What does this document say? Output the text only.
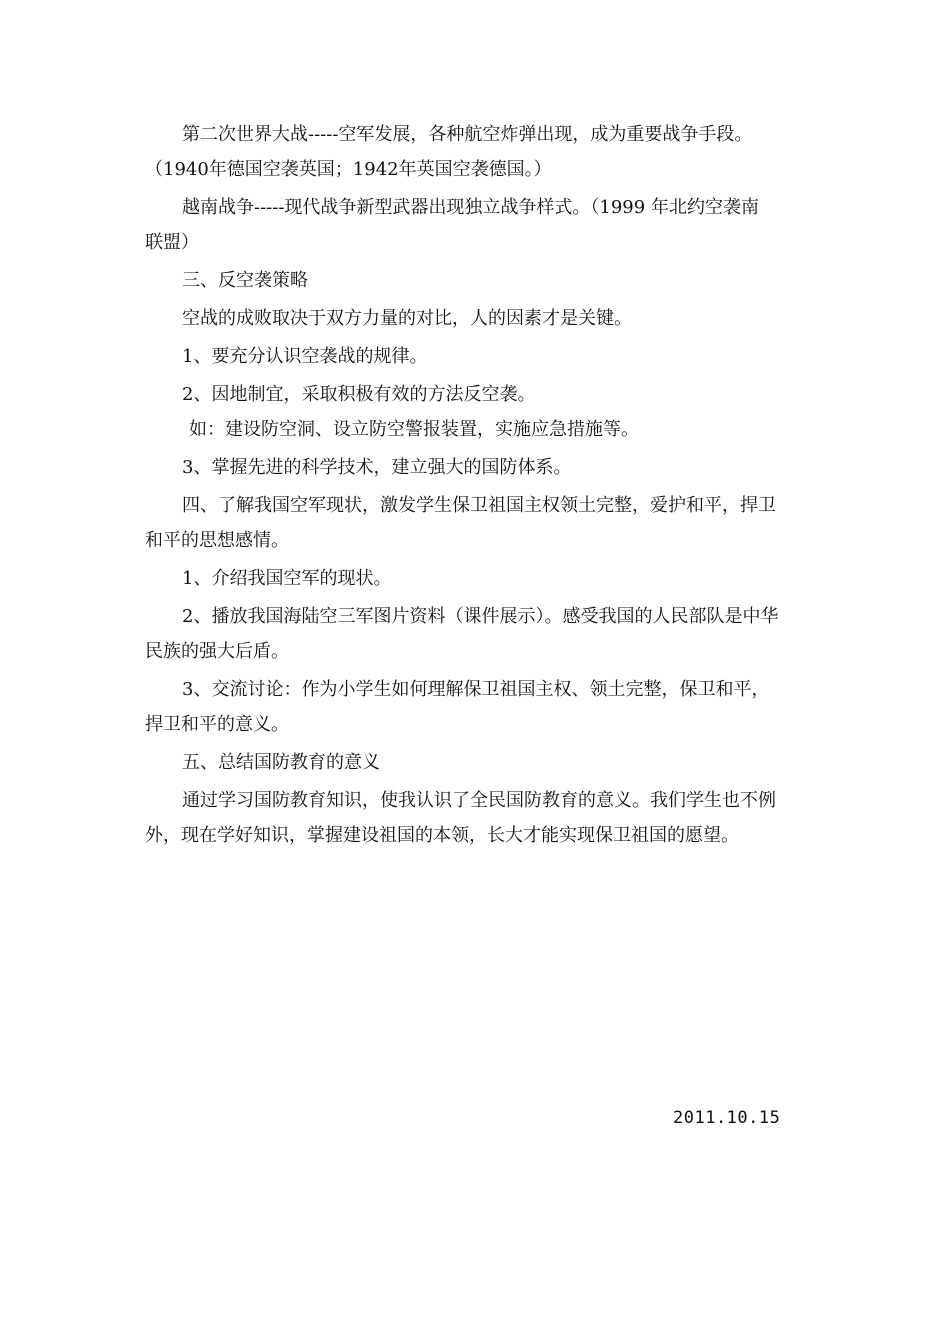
第二次世界大战-----空军发展，各种航空炸弹出现，成为重要战争手段。

（1940年德国空袭英国；1942年英国空袭德国。）

越南战争-----现代战争新型武器出现独立战争样式。（1999 年北约空袭南

联盟）

三、反空袭策略

空战的成败取决于双方力量的对比，人的因素才是关键。

1、要充分认识空袭战的规律。

2、因地制宜，采取积极有效的方法反空袭。

如：建设防空洞、设立防空警报装置，实施应急措施等。

3、掌握先进的科学技术，建立强大的国防体系。

四、了解我国空军现状，激发学生保卫祖国主权领土完整，爱护和平，捍卫

和平的思想感情。

1、介绍我国空军的现状。

2、播放我国海陆空三军图片资料（课件展示）。感受我国的人民部队是中华

民族的强大后盾。

3、交流讨论：作为小学生如何理解保卫祖国主权、领土完整，保卫和平，

捍卫和平的意义。

五、总结国防教育的意义

通过学习国防教育知识，使我认识了全民国防教育的意义。我们学生也不例

外，现在学好知识，掌握建设祖国的本领，长大才能实现保卫祖国的愿望。

2011.10.15
